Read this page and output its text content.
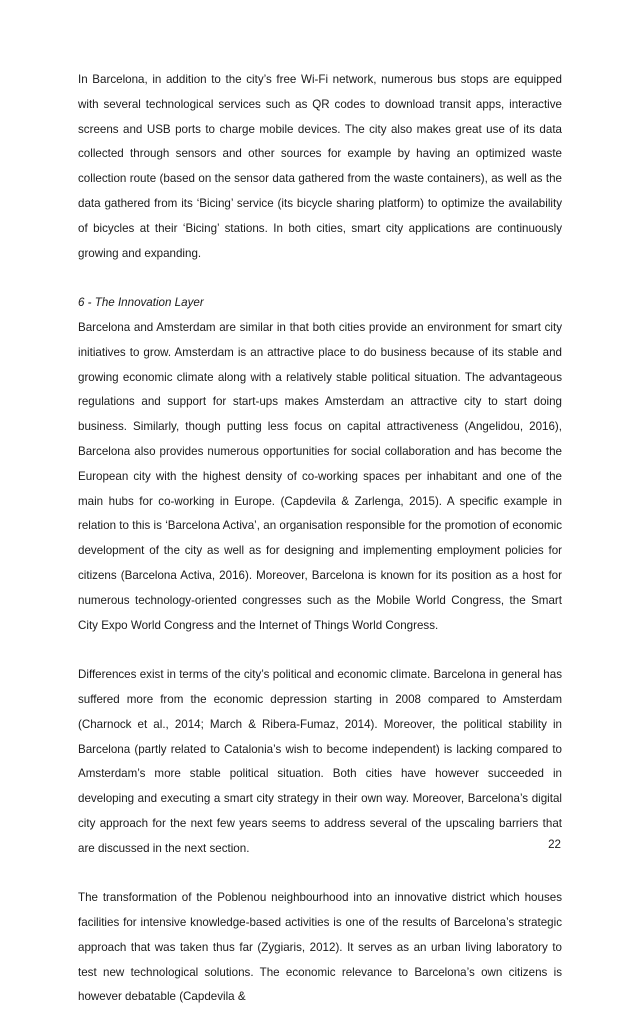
In Barcelona, in addition to the city’s free Wi-Fi network, numerous bus stops are equipped with several technological services such as QR codes to download transit apps, interactive screens and USB ports to charge mobile devices. The city also makes great use of its data collected through sensors and other sources for example by having an optimized waste collection route (based on the sensor data gathered from the waste containers), as well as the data gathered from its ‘Bicing’ service (its bicycle sharing platform) to optimize the availability of bicycles at their ‘Bicing’ stations. In both cities, smart city applications are continuously growing and expanding.

6 - The Innovation Layer

Barcelona and Amsterdam are similar in that both cities provide an environment for smart city initiatives to grow. Amsterdam is an attractive place to do business because of its stable and growing economic climate along with a relatively stable political situation. The advantageous regulations and support for start-ups makes Amsterdam an attractive city to start doing business. Similarly, though putting less focus on capital attractiveness (Angelidou, 2016), Barcelona also provides numerous opportunities for social collaboration and has become the European city with the highest density of co-working spaces per inhabitant and one of the main hubs for co-working in Europe. (Capdevila & Zarlenga, 2015). A specific example in relation to this is ‘Barcelona Activa’, an organisation responsible for the promotion of economic development of the city as well as for designing and implementing employment policies for citizens (Barcelona Activa, 2016). Moreover, Barcelona is known for its position as a host for numerous technology-oriented congresses such as the Mobile World Congress, the Smart City Expo World Congress and the Internet of Things World Congress.

Differences exist in terms of the city’s political and economic climate. Barcelona in general has suffered more from the economic depression starting in 2008 compared to Amsterdam (Charnock et al., 2014; March & Ribera-Fumaz, 2014). Moreover, the political stability in Barcelona (partly related to Catalonia’s wish to become independent) is lacking compared to Amsterdam’s more stable political situation. Both cities have however succeeded in developing and executing a smart city strategy in their own way. Moreover, Barcelona’s digital city approach for the next few years seems to address several of the upscaling barriers that are discussed in the next section.

The transformation of the Poblenou neighbourhood into an innovative district which houses facilities for intensive knowledge-based activities is one of the results of Barcelona’s strategic approach that was taken thus far (Zygiaris, 2012). It serves as an urban living laboratory to test new technological solutions. The economic relevance to Barcelona’s own citizens is however debatable (Capdevila &

22
